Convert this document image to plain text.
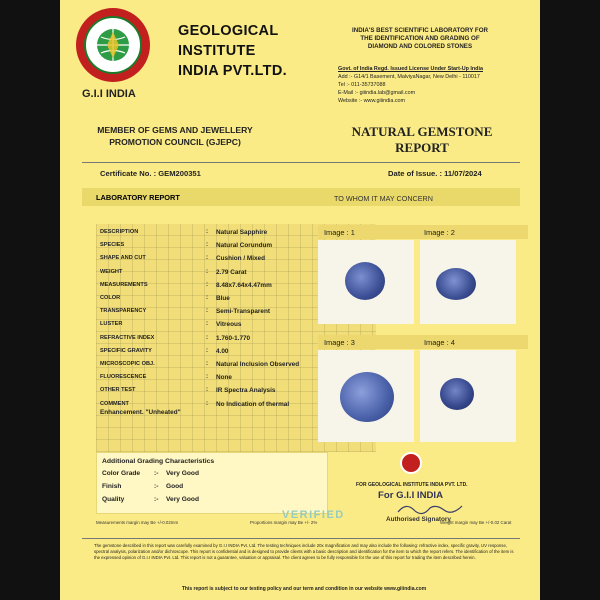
G.I.I INDIA
GEOLOGICAL
INSTITUTE
INDIA PVT.LTD.
MEMBER OF GEMS AND JEWELLERY
PROMOTION COUNCIL (GJEPC)
INDIA'S BEST SCIENTIFIC LABORATORY FOR
THE IDENTIFICATION AND GRADING OF
DIAMOND AND COLORED STONES
Govt. of India Regd. Issued License Under Start-Up India
Add :- G14/1 Basement, MalviyaNagar, New Delhi - 110017
Tel :- 011-35737088
E-Mail :- giiindia.lab@gmail.com
Website :- www.giiindia.com
NATURAL GEMSTONE
REPORT
Certificate No. : GEM200351	Date of Issue. : 11/07/2024
LABORATORY REPORT	TO WHOM IT MAY CONCERN
DESCRIPTION	: Natural Sapphire
SPECIES	: Natural Corundum
SHAPE AND CUT	: Cushion / Mixed
WEIGHT	: 2.79 Carat
MEASUREMENTS	: 8.48x7.64x4.47mm
COLOR	: Blue
TRANSPARENCY	: Semi-Transparent
LUSTER	: Vitreous
REFRACTIVE INDEX	: 1.760-1.770
SPECIFIC GRAVITY	: 4.00
MICROSCOPIC OBJ.	: Natural Inclusion Observed
FLUORESCENCE	: None
OTHER TEST	: IR Spectra Analysis
COMMENT	: No Indication of thermal
Enhancement. "Unheated"
Image : 1	Image : 2
Image : 3	Image : 4
Additional Grading Characteristics
Color Grade :- Very Good
Finish	:- Good
Quality	:- Very Good
FOR GEOLOGICAL INSTITUTE INDIA PVT. LTD.
For G.I.I INDIA
Authorised Signatory
VERIFIED
Measurements margin may Be +/-0.02mm	Proportions margin may Be +/- 2%	Weight margin may Be +/-0.02 Carat
The gemstone described in this report was carefully examined by G.I.I INDIA Pvt. Ltd. The testing techniques include 20x magnification and may also include the following: refractive index, specific gravity, UV response, spectral analysis, polarization and/or dichroscope. This report is confidential and is designed to provide clients with a basic description and identification for the item to which the report refers. The identification of the item is the expressed opinion of G.I.I INDIA Pvt. Ltd. This report is not a guarantee, valuation or appraisal. The client agrees to be fully responsible for the use of this report for trading the item described herein.
This report is subject to our testing policy and our term and condition in our website www.giiindia.com
